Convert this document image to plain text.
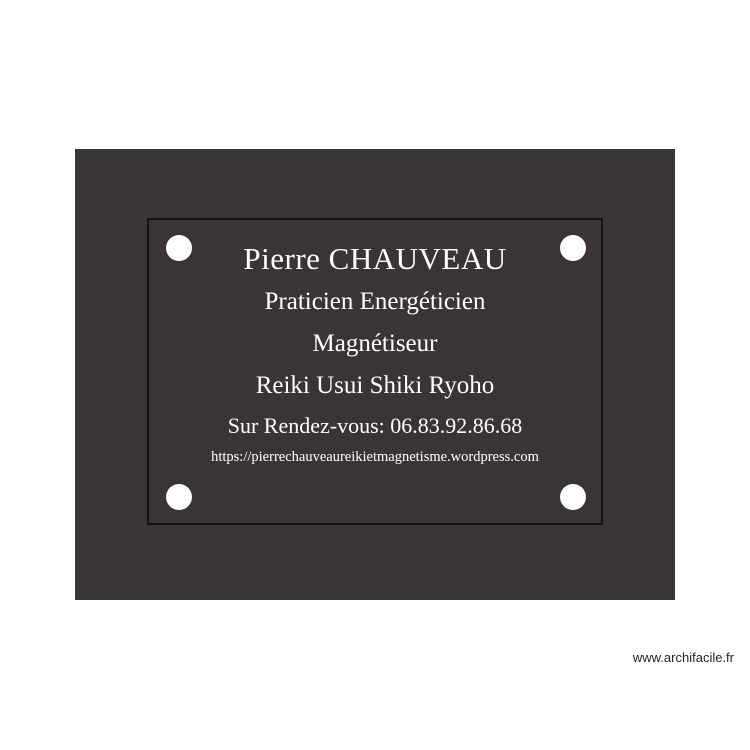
Pierre CHAUVEAU
Praticien Energéticien
Magnétiseur
Reiki Usui Shiki Ryoho
Sur Rendez-vous: 06.83.92.86.68
https://pierrechauveaureikietmagnetisme.wordpress.com
www.archifacile.fr
